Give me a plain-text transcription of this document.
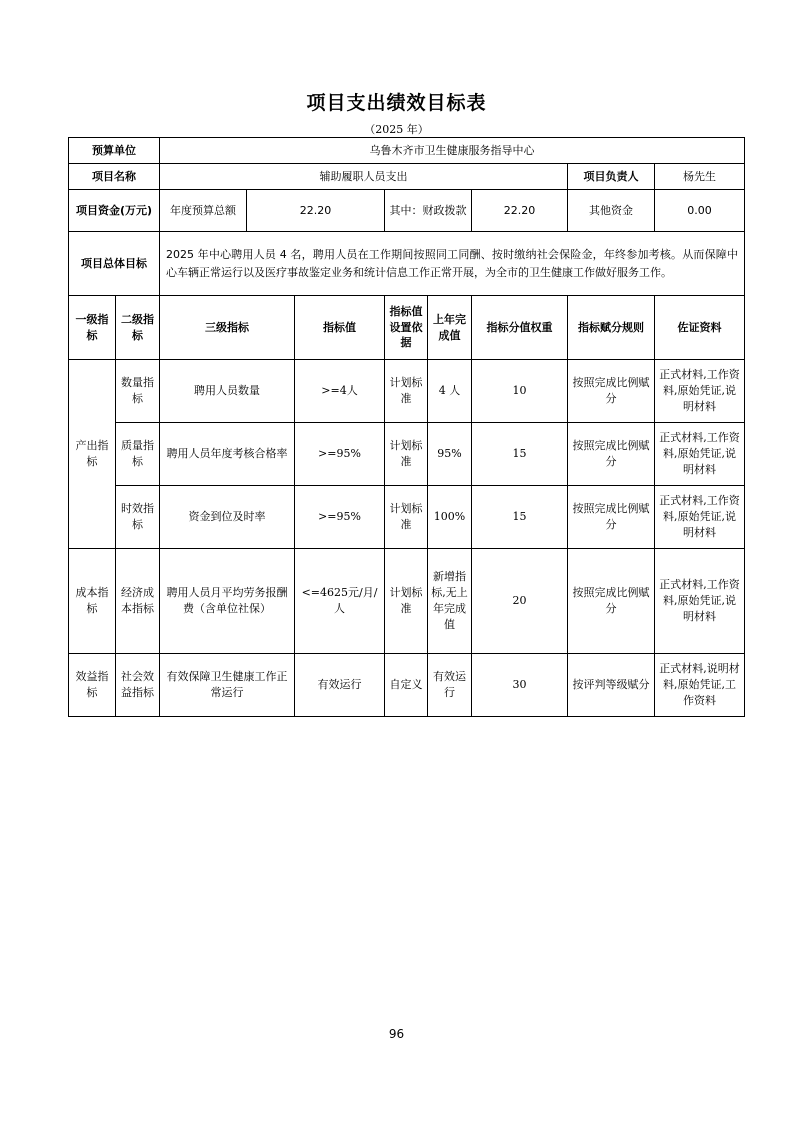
项目支出绩效目标表
（2025 年）
预算单位		乌鲁木齐市卫生健康服务指导中心							
项目名称		辅助履职人员支出						项目负责人	杨先生
项目资金(万元)		年度预算总额	22.20		其中：财政拨款		22.20	其他资金	0.00
项目总体目标		2025 年中心聘用人员 4 名，聘用人员在工作期间按照同工同酬、按时缴纳社会保险金，年终参加考核。从而保障中心车辆正常运行以及医疗事故鉴定业务和统计信息工作正常开展，为全市的卫生健康工作做好服务工作。							
一级指标	二级指标	三级指标		指标值	指标值设置依据	上年完成值	指标分值权重	指标赋分规则	佐证资料
产出指标	数量指标	聘用人员数量		>=4人	计划标准	4 人	10	按照完成比例赋分	正式材料,工作资料,原始凭证,说明材料
	质量指标	聘用人员年度考核合格率		>=95%	计划标准	95%	15	按照完成比例赋分	正式材料,工作资料,原始凭证,说明材料
	时效指标	资金到位及时率		>=95%	计划标准	100%	15	按照完成比例赋分	正式材料,工作资料,原始凭证,说明材料
成本指标	经济成本指标	聘用人员月平均劳务报酬费（含单位社保）		<=4625元/月/人	计划标准	新增指标,无上年完成值	20	按照完成比例赋分	正式材料,工作资料,原始凭证,说明材料
效益指标	社会效益指标	有效保障卫生健康工作正常运行		有效运行	自定义	有效运行	30	按评判等级赋分	正式材料,说明材料,原始凭证,工作资料
96
